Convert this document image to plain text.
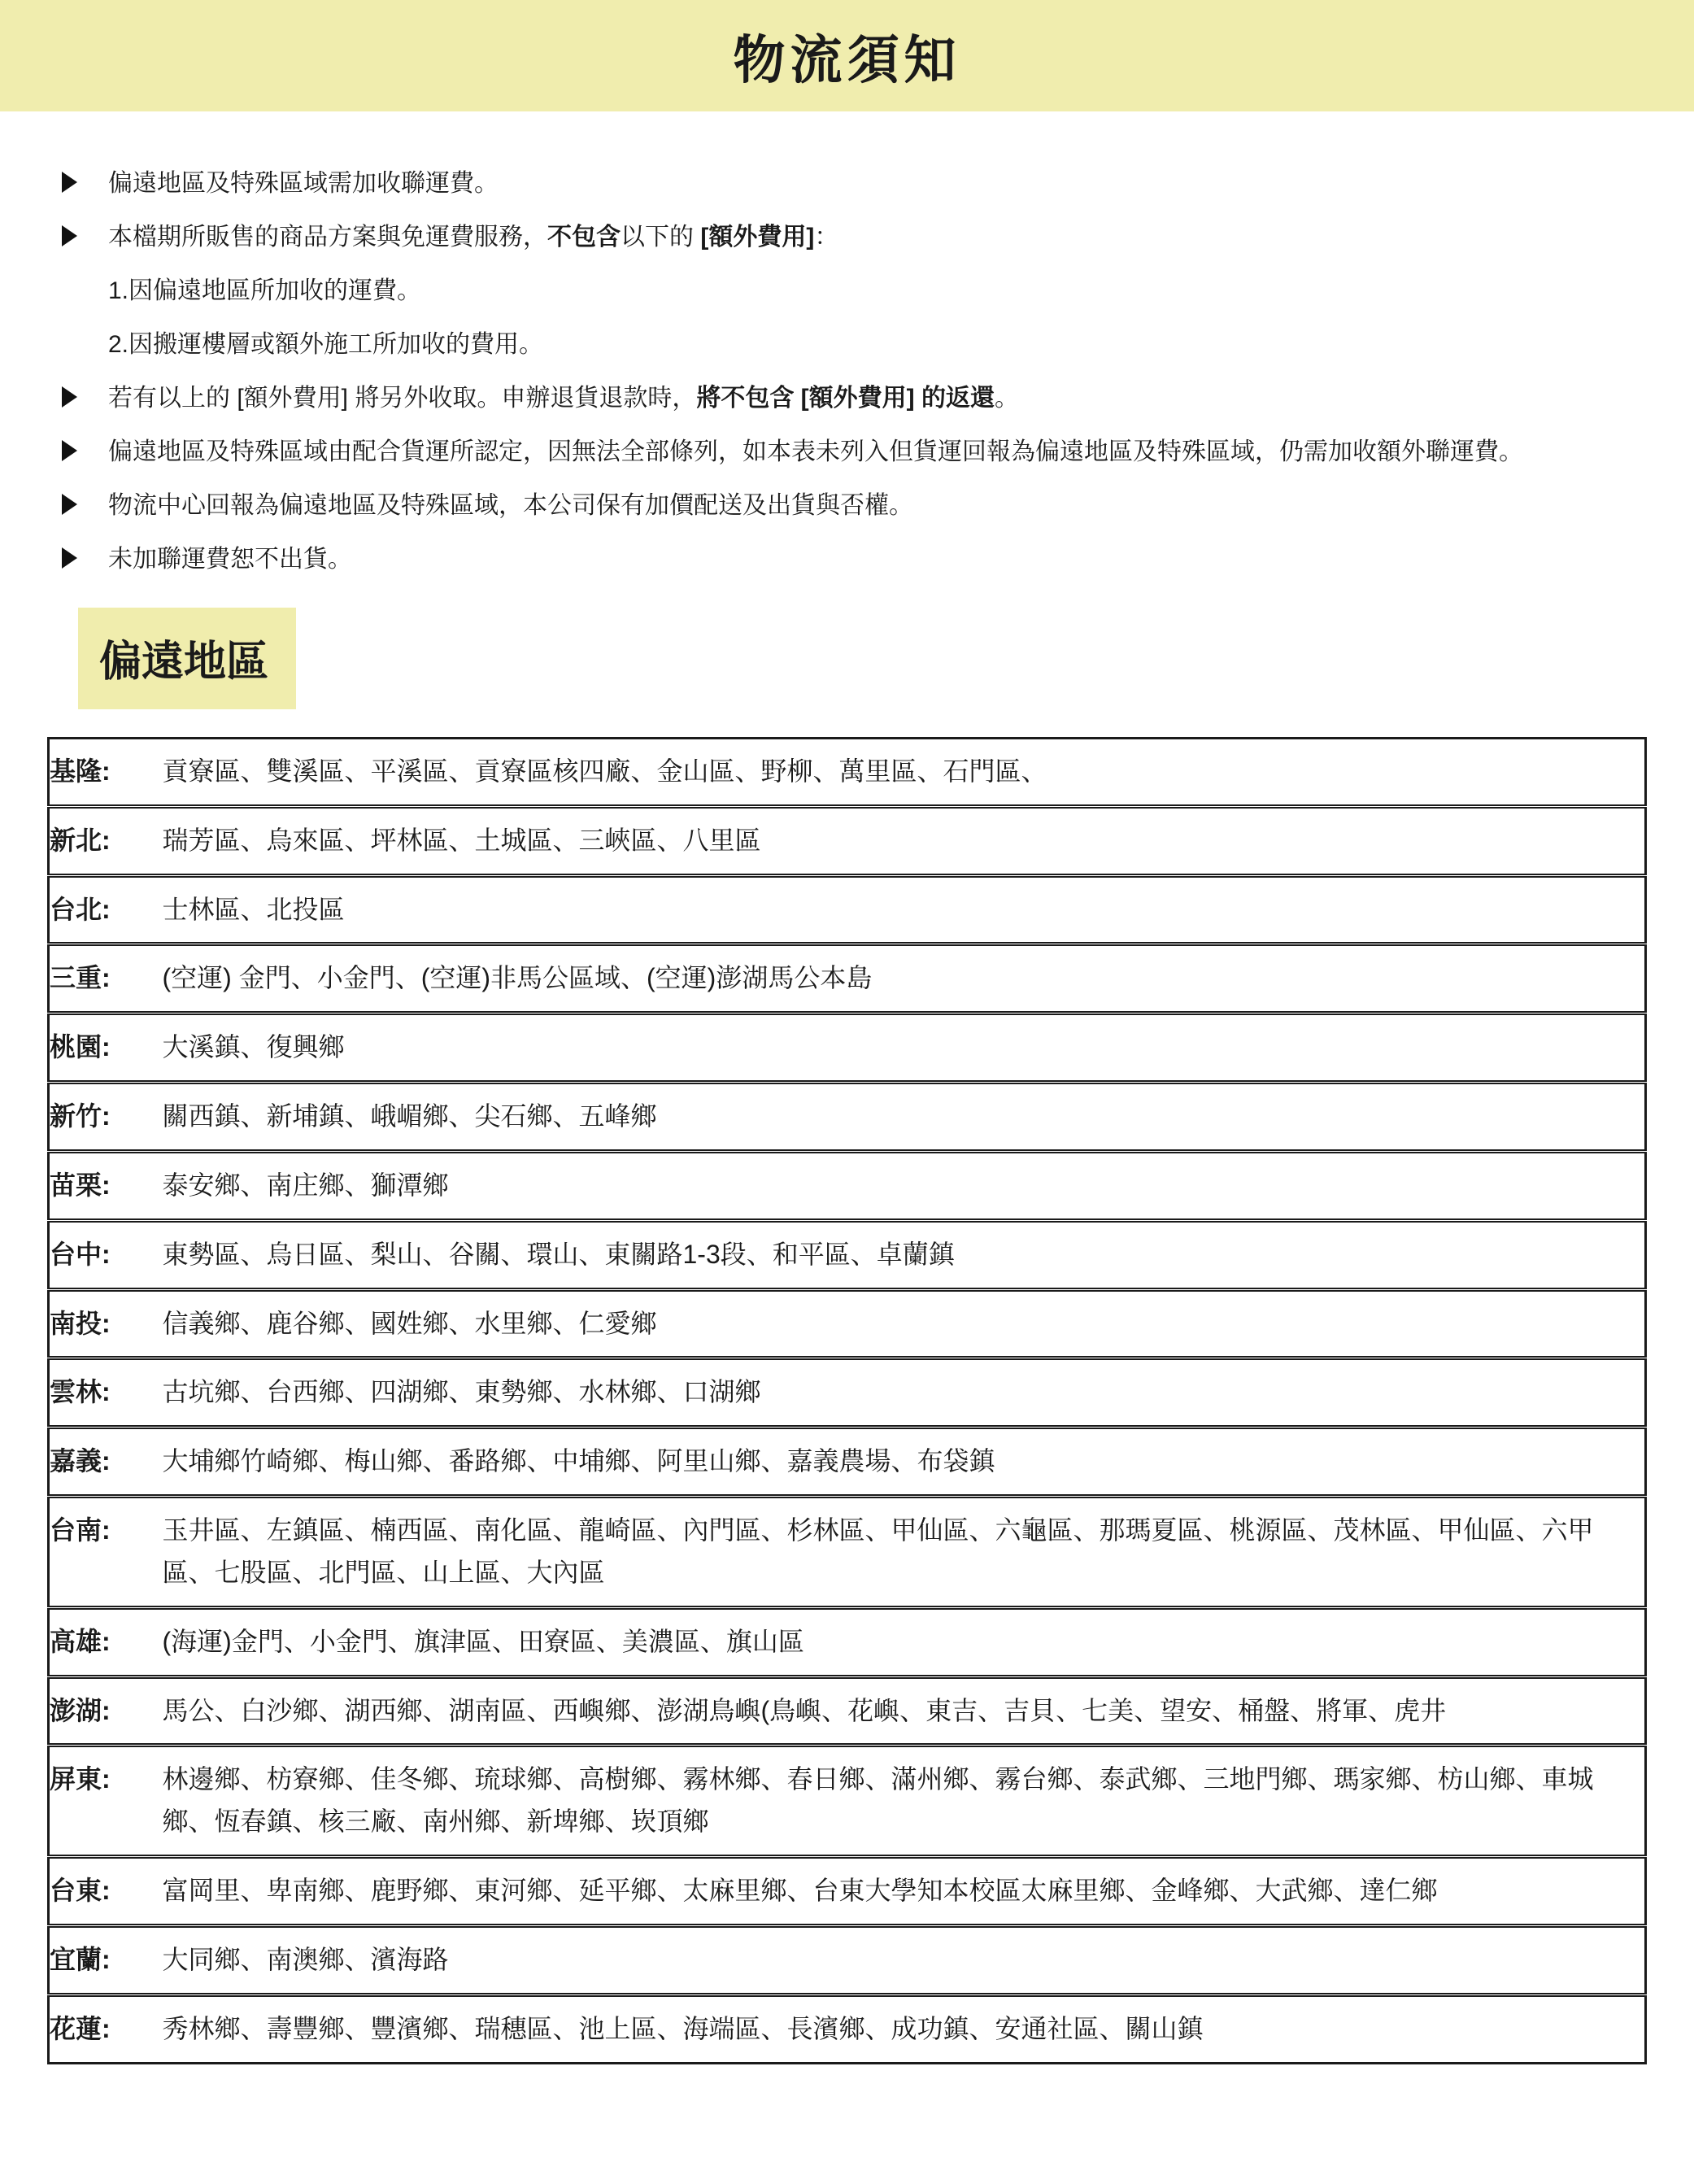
物流須知
偏遠地區及特殊區域需加收聯運費。
本檔期所販售的商品方案與免運費服務，不包含以下的 [額外費用]：
1.因偏遠地區所加收的運費。
2.因搬運樓層或額外施工所加收的費用。
若有以上的 [額外費用] 將另外收取。申辦退貨退款時，將不包含 [額外費用] 的返還。
偏遠地區及特殊區域由配合貨運所認定，因無法全部條列，如本表未列入但貨運回報為偏遠地區及特殊區域，仍需加收額外聯運費。
物流中心回報為偏遠地區及特殊區域，本公司保有加價配送及出貨與否權。
未加聯運費恕不出貨。
偏遠地區
基隆:	貢寮區、雙溪區、平溪區、貢寮區核四廠、金山區、野柳、萬里區、石門區、
新北:	瑞芳區、烏來區、坪林區、土城區、三峽區、八里區
台北:	士林區、北投區
三重:	(空運) 金門、小金門、(空運)非馬公區域、(空運)澎湖馬公本島
桃園:	大溪鎮、復興鄉
新竹:	關西鎮、新埔鎮、峨嵋鄉、尖石鄉、五峰鄉
苗栗:	泰安鄉、南庄鄉、獅潭鄉
台中:	東勢區、烏日區、梨山、谷關、環山、東關路1-3段、和平區、卓蘭鎮
南投:	信義鄉、鹿谷鄉、國姓鄉、水里鄉、仁愛鄉
雲林:	古坑鄉、台西鄉、四湖鄉、東勢鄉、水林鄉、口湖鄉
嘉義:	大埔鄉竹崎鄉、梅山鄉、番路鄉、中埔鄉、阿里山鄉、嘉義農場、布袋鎮
台南:	玉井區、左鎮區、楠西區、南化區、龍崎區、內門區、杉林區、甲仙區、六龜區、那瑪夏區、桃源區、茂林區、甲仙區、六甲區、七股區、北門區、山上區、大內區
高雄:	(海運)金門、小金門、旗津區、田寮區、美濃區、旗山區
澎湖:	馬公、白沙鄉、湖西鄉、湖南區、西嶼鄉、澎湖鳥嶼(鳥嶼、花嶼、東吉、吉貝、七美、望安、桶盤、將軍、虎井
屏東:	林邊鄉、枋寮鄉、佳冬鄉、琉球鄉、高樹鄉、霧林鄉、春日鄉、滿州鄉、霧台鄉、泰武鄉、三地門鄉、瑪家鄉、枋山鄉、車城鄉、恆春鎮、核三廠、南州鄉、新埤鄉、崁頂鄉
台東:	富岡里、卑南鄉、鹿野鄉、東河鄉、延平鄉、太麻里鄉、台東大學知本校區太麻里鄉、金峰鄉、大武鄉、達仁鄉
宜蘭:	大同鄉、南澳鄉、濱海路
花蓮:	秀林鄉、壽豐鄉、豐濱鄉、瑞穗區、池上區、海端區、長濱鄉、成功鎮、安通社區、關山鎮
